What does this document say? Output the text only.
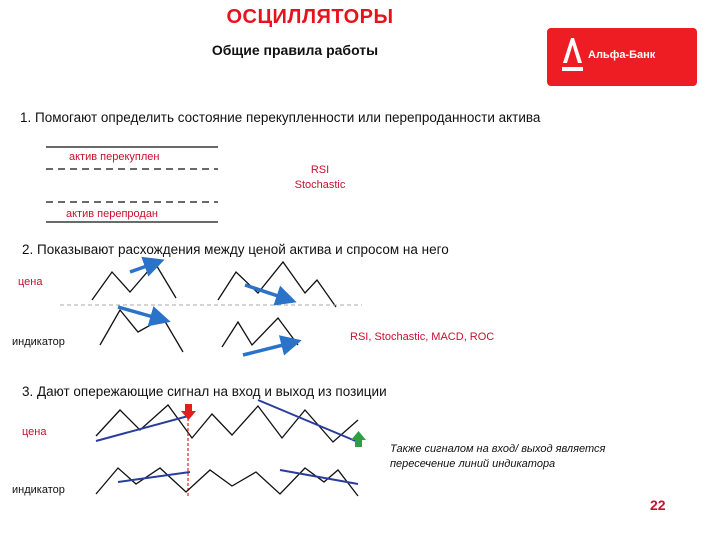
ОСЦИЛЛЯТОРЫ
Общие правила работы	Альфа-Банк
1. Помогают определить состояние перекупленности или перепроданности актива
актив перекуплен
актив перепродан
RSI
Stochastic
2. Показывают расхождения между ценой актива и спросом на него
цена
индикатор	RSI, Stochastic, MACD, ROC
3. Дают опережающие сигнал на вход и выход из позиции
цена
индикатор
Также сигналом на вход/ выход является
пересечение линий индикатора
22
